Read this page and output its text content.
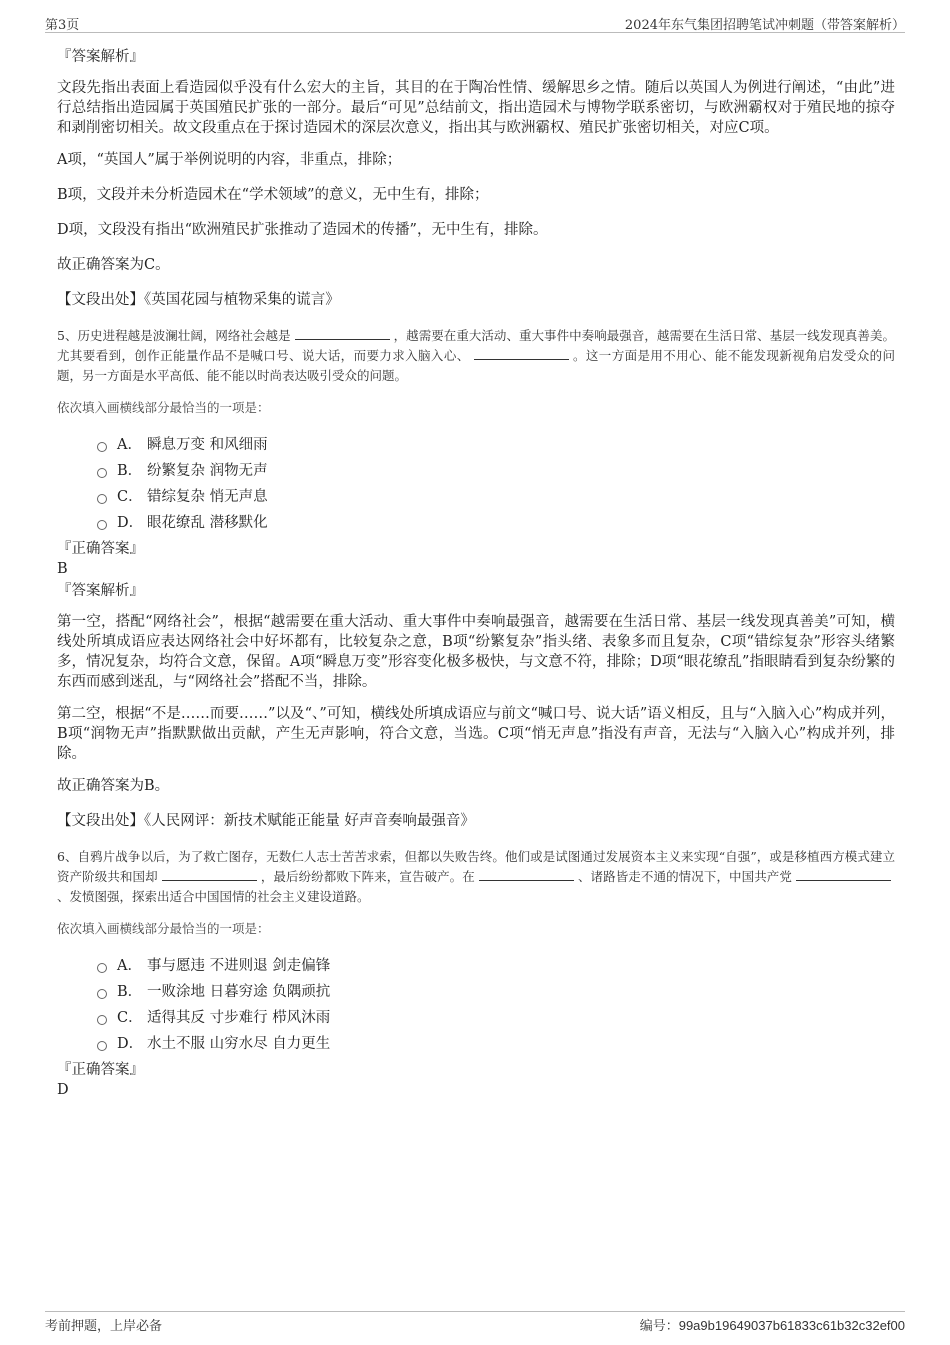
第3页	2024年东气集团招聘笔试冲刺题（带答案解析）
『答案解析』

文段先指出表面上看造园似乎没有什么宏大的主旨，其目的在于陶冶性情、缓解思乡之情。随后以英国人为例进行阐述，“由此”进行总结指出造园属于英国殖民扩张的一部分。最后“可见”总结前文，指出造园术与博物学联系密切，与欧洲霸权对于殖民地的掠夺和剥削密切相关。故文段重点在于探讨造园术的深层次意义，指出其与欧洲霸权、殖民扩张密切相关，对应C项。

A项，“英国人”属于举例说明的内容，非重点，排除；

B项，文段并未分析造园术在“学术领域”的意义，无中生有，排除；

D项，文段没有指出“欧洲殖民扩张推动了造园术的传播”，无中生有，排除。

故正确答案为C。

【文段出处】《英国花园与植物采集的谎言》

5、历史进程越是波澜壮阔，网络社会越是	，越需要在重大活动、重大事件中奏响最强音，越需要在生活日常、基层一线发现真善美。尤其要看到，创作正能量作品不是喊口号、说大话，而要力求入脑入心、	。这一方面是用不用心、能不能发现新视角启发受众的问题，另一方面是水平高低、能不能以时尚表达吸引受众的问题。

依次填入画横线部分最恰当的一项是：

A． 瞬息万变 和风细雨
B． 纷繁复杂 润物无声
C． 错综复杂 悄无声息
D． 眼花缭乱 潜移默化
『正确答案』
B
『答案解析』

第一空，搭配“网络社会”，根据“越需要在重大活动、重大事件中奏响最强音，越需要在生活日常、基层一线发现真善美”可知，横线处所填成语应表达网络社会中好坏都有，比较复杂之意，B项“纷繁复杂”指头绪、表象多而且复杂，C项“错综复杂”形容头绪繁多，情况复杂，均符合文意，保留。A项“瞬息万变”形容变化极多极快，与文意不符，排除；D项“眼花缭乱”指眼睛看到复杂纷繁的东西而感到迷乱，与“网络社会”搭配不当，排除。

第二空，根据“不是……而要……”以及“、”可知，横线处所填成语应与前文“喊口号、说大话”语义相反，且与“入脑入心”构成并列，B项“润物无声”指默默做出贡献，产生无声影响，符合文意，当选。C项“悄无声息”指没有声音，无法与“入脑入心”构成并列，排除。

故正确答案为B。

【文段出处】《人民网评：新技术赋能正能量 好声音奏响最强音》

6、自鸦片战争以后，为了救亡图存，无数仁人志士苦苦求索，但都以失败告终。他们或是试图通过发展资本主义来实现“自强”，或是移植西方模式建立资产阶级共和国却	，最后纷纷都败下阵来，宣告破产。在	、诸路皆走不通的情况下，中国共产党、发愤图强，探索出适合中国国情的社会主义建设道路。

依次填入画横线部分最恰当的一项是：

A． 事与愿违 不进则退 剑走偏锋
B． 一败涂地 日暮穷途 负隅顽抗
C． 适得其反 寸步难行 栉风沐雨
D． 水土不服 山穷水尽 自力更生
『正确答案』
D
考前押题，上岸必备	编号：99a9b19649037b61833c61b32c32ef00
